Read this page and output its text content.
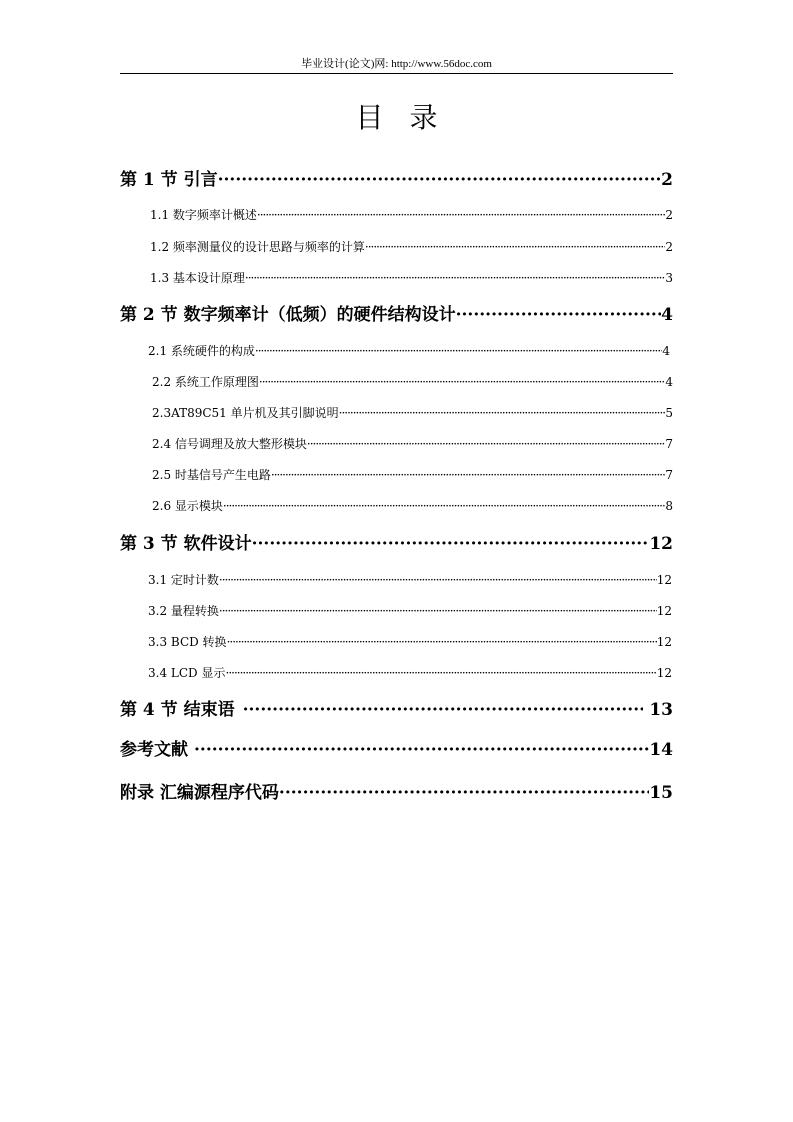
毕业设计(论文)网: http://www.56doc.com
目 录
第 1 节 引言 ·····	2
1.1 数字频率计概述 ·····	2
1.2 频率测量仪的设计思路与频率的计算 ·····	2
1.3 基本设计原理 ·····	3
第 2 节 数字频率计（低频）的硬件结构设计 ·····	4
2.1 系统硬件的构成 ·····	4
2.2 系统工作原理图 ·····	4
2.3AT89C51 单片机及其引脚说明 ·····	5
2.4 信号调理及放大整形模块 ·····	7
2.5 时基信号产生电路 ·····	7
2.6 显示模块 ·····	8
第 3 节 软件设计 ·····	12
3.1 定时计数 ·····	12
3.2 量程转换 ·····	12
3.3 BCD 转换 ·····	12
3.4 LCD 显示 ·····	12
第 4 节 结束语 ·····	13
参考文献 ·····	14
附录 汇编源程序代码 ·····	15
